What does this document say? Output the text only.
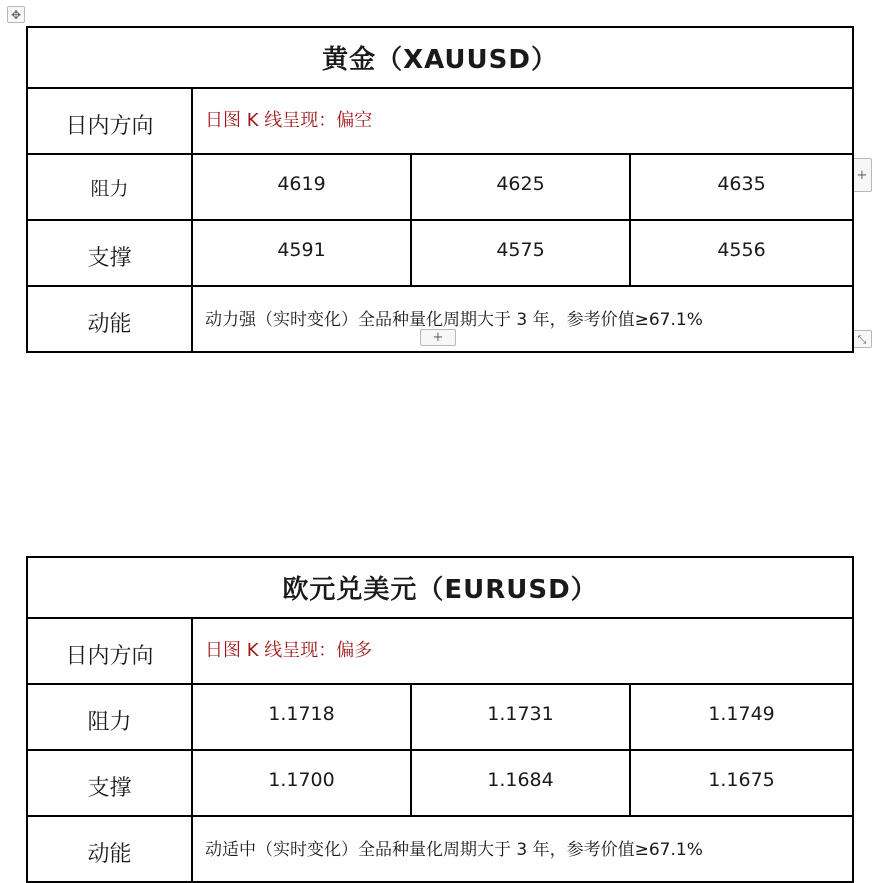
✥
+
+	⤡
黄金（XAUUSD）			
日内方向	日图 K 线呈现：偏空		
阻力	4619	4625	4635
支撑	4591	4575	4556
动能	动力强（实时变化）全品种量化周期大于 3 年，参考价值≥67.1%		
欧元兑美元（EURUSD）			
日内方向	日图 K 线呈现：偏多		
阻力	1.1718	1.1731	1.1749
支撑	1.1700	1.1684	1.1675
动能	动适中（实时变化）全品种量化周期大于 3 年，参考价值≥67.1%		
